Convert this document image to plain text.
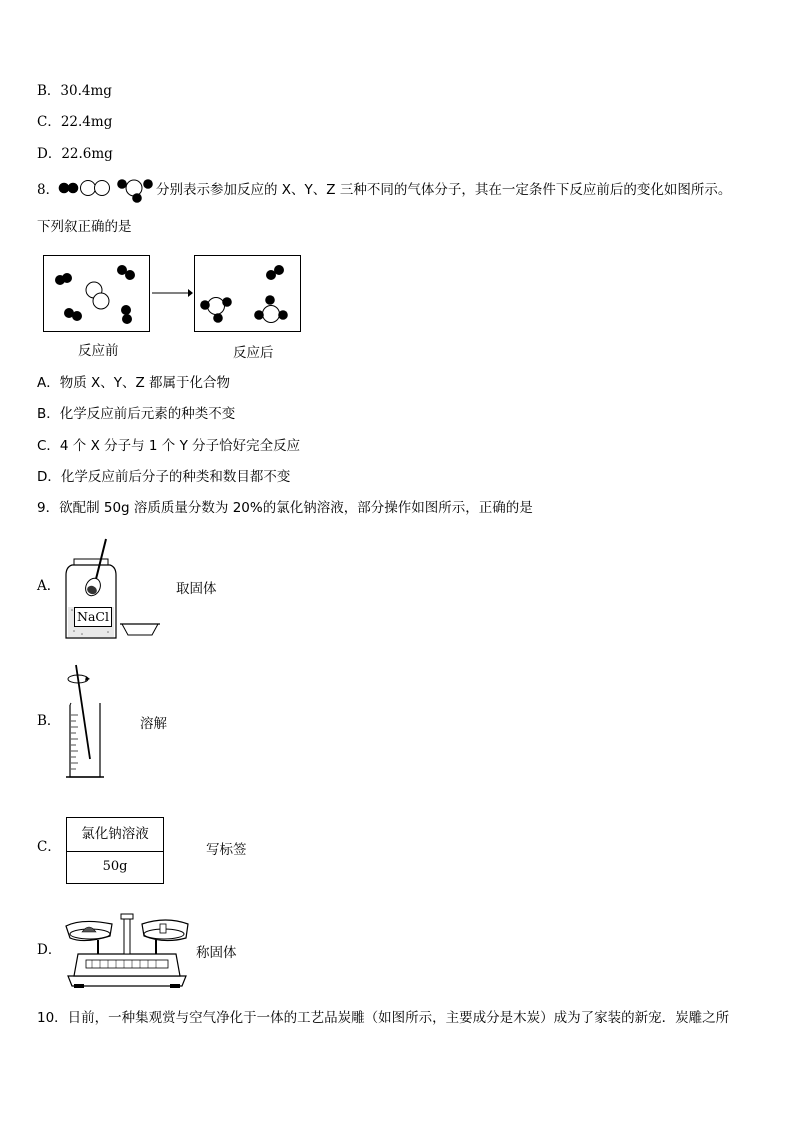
B．30.4mg
C．22.4mg
D．22.6mg
8．	分别表示参加反应的 X、Y、Z 三种不同的气体分子，其在一定条件下反应前后的变化如图所示。
下列叙正确的是
反应前	反应后
A．物质 X、Y、Z 都属于化合物
B．化学反应前后元素的种类不变
C．4 个 X 分子与 1 个 Y 分子恰好完全反应
D．化学反应前后分子的种类和数目都不变
9．欲配制 50g 溶质质量分数为 20%的氯化钠溶液，部分操作如图所示，正确的是
A．
NaCl
取固体
B．	溶解
C．
氯化钠溶液
50g
写标签
D．	称固体
10．日前，一种集观赏与空气净化于一体的工艺品炭雕（如图所示，主要成分是木炭）成为了家装的新宠．炭雕之所
